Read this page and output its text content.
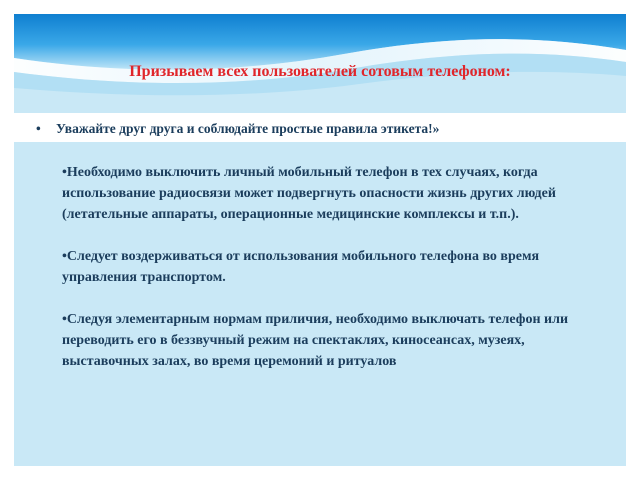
Призываем всех пользователей сотовым телефоном:
• Уважайте друг друга и соблюдайте простые правила этикета!»

•Необходимо выключить личный мобильный телефон в тех случаях, когда использование радиосвязи может подвергнуть опасности жизнь других людей (летательные аппараты, операционные медицинские комплексы и т.п.).

•Следует воздерживаться от использования мобильного телефона во время управления транспортом.

•Следуя элементарным нормам приличия, необходимо выключать телефон или переводить его в беззвучный режим на спектаклях, киносеансах, музеях, выставочных залах, во время церемоний и ритуалов
